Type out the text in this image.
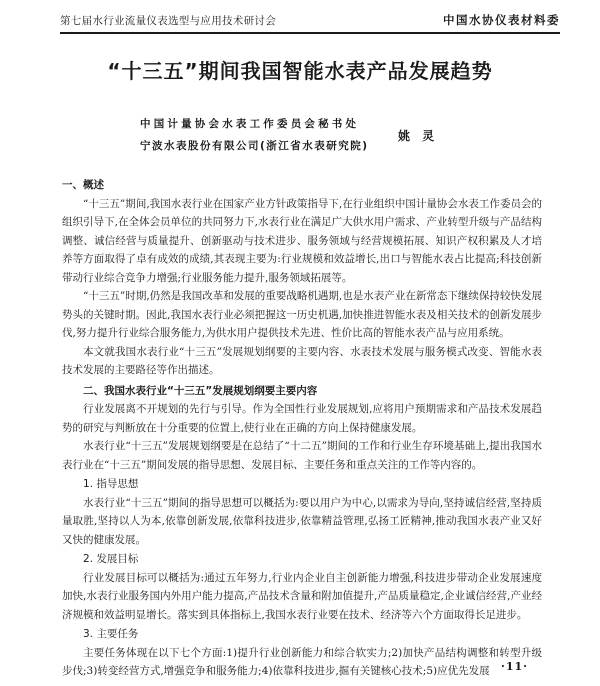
第七届水行业流量仪表选型与应用技术研讨会	中国水协仪表材料委
“十三五”期间我国智能水表产品发展趋势
中国计量协会水表工作委员会秘书处
宁波水表股份有限公司(浙江省水表研究院)
姚 灵
一、概述

“十三五”期间,我国水表行业在国家产业方针政策指导下,在行业组织中国计量协会水表工作委员会的组织引导下,在全体会员单位的共同努力下,水表行业在满足广大供水用户需求、产业转型升级与产品结构调整、诚信经营与质量提升、创新驱动与技术进步、服务领域与经营规模拓展、知识产权积累及人才培养等方面取得了卓有成效的成绩,其表现主要为:行业规模和效益增长,出口与智能水表占比提高;科技创新带动行业综合竞争力增强;行业服务能力提升,服务领域拓展等。

“十三五”时期,仍然是我国改革和发展的重要战略机遇期,也是水表产业在新常态下继续保持较快发展势头的关键时期。因此,我国水表行业必须把握这一历史机遇,加快推进智能水表及相关技术的创新发展步伐,努力提升行业综合服务能力,为供水用户提供技术先进、性价比高的智能水表产品与应用系统。

本文就我国水表行业“十三五”发展规划纲要的主要内容、水表技术发展与服务模式改变、智能水表技术发展的主要路径等作出描述。

二、我国水表行业“十三五”发展规划纲要主要内容

行业发展离不开规划的先行与引导。作为全国性行业发展规划,应将用户预期需求和产品技术发展趋势的研究与判断放在十分重要的位置上,使行业在正确的方向上保持健康发展。

水表行业“十三五”发展规划纲要是在总结了“十二五”期间的工作和行业生存环境基础上,提出我国水表行业在“十三五”期间发展的指导思想、发展目标、主要任务和重点关注的工作等内容的。

1. 指导思想

水表行业“十三五”期间的指导思想可以概括为:要以用户为中心,以需求为导向,坚持诚信经营,坚持质量取胜,坚持以人为本,依靠创新发展,依靠科技进步,依靠精益管理,弘扬工匠精神,推动我国水表产业又好又快的健康发展。

2. 发展目标

行业发展目标可以概括为:通过五年努力,行业内企业自主创新能力增强,科技进步带动企业发展速度加快,水表行业服务国内外用户能力提高,产品技术含量和附加值提升,产品质量稳定,企业诚信经营,产业经济规模和效益明显增长。落实到具体指标上,我国水表行业要在技术、经济等六个方面取得长足进步。

3. 主要任务

主要任务体现在以下七个方面:1)提升行业创新能力和综合软实力;2)加快产品结构调整和转型升级步伐;3)转变经营方式,增强竞争和服务能力;4)依靠科技进步,掘有关键核心技术;5)应优先发展	·11·
